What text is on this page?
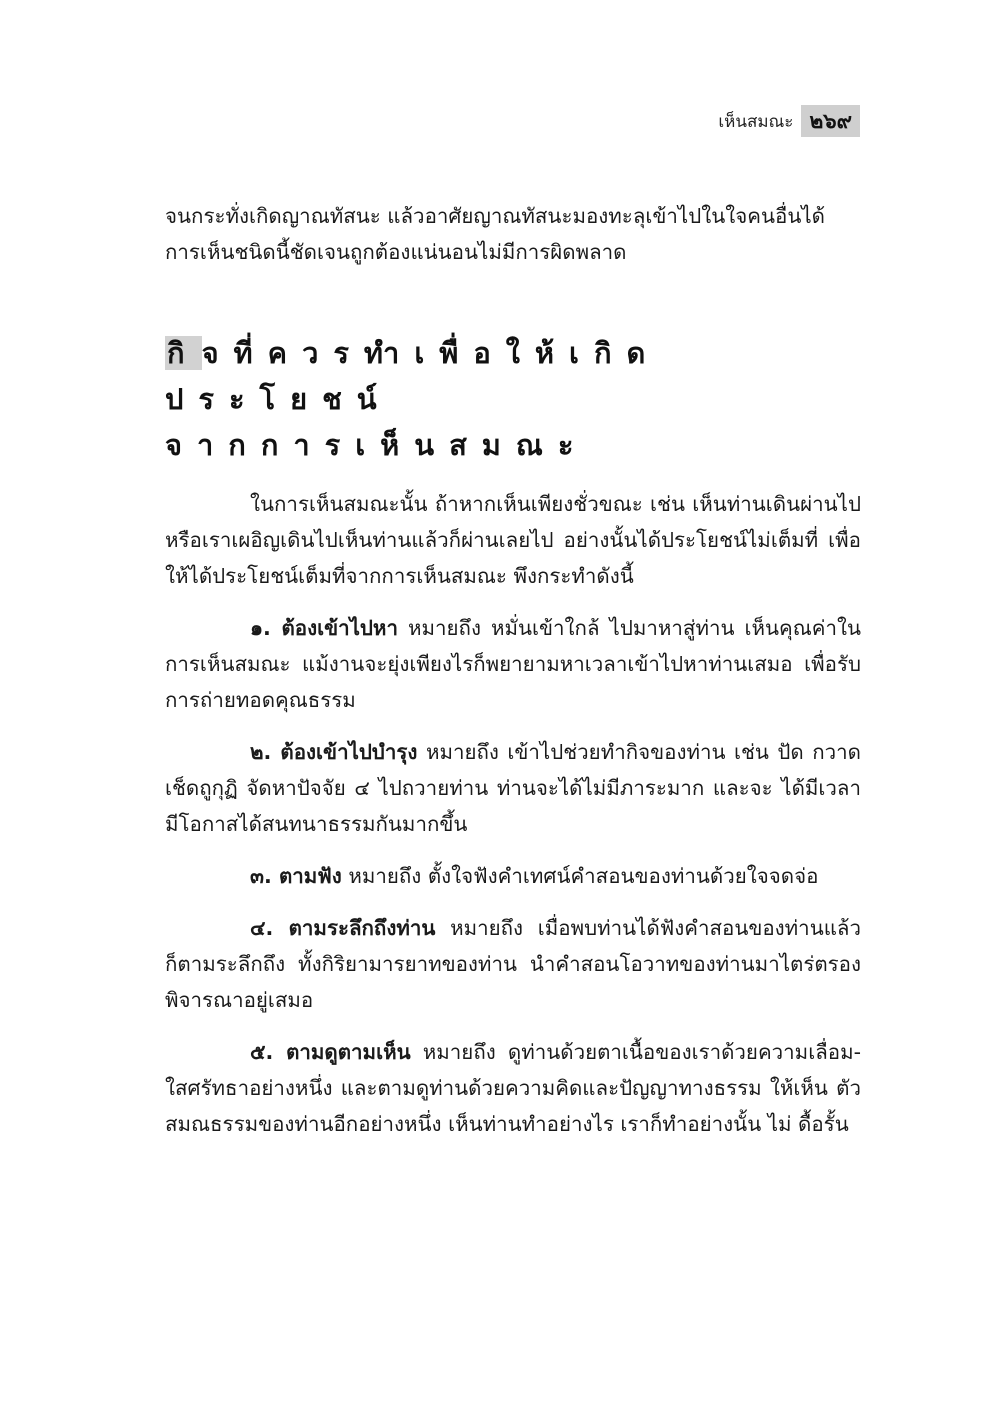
เห็นสมณะ ๒๖๙

จนกระทั่งเกิดญาณทัสนะ แล้วอาศัยญาณทัสนะมองทะลุเข้าไปในใจคนอื่นได้
การเห็นชนิดนี้ชัดเจนถูกต้องแน่นอนไม่มีการผิดพลาด

กิจที่ควรทำเพื่อให้เกิดประโยชน์
จากการเห็นสมณะ

ในการเห็นสมณะนั้น ถ้าหากเห็นเพียงชั่วขณะ เช่น เห็นท่านเดินผ่านไป หรือเราเผอิญเดินไปเห็นท่านแล้วก็ผ่านเลยไป อย่างนั้นได้ประโยชน์ไม่เต็มที่ เพื่อให้ได้ประโยชน์เต็มที่จากการเห็นสมณะ พึงกระทำดังนี้

๑. ต้องเข้าไปหา หมายถึง หมั่นเข้าใกล้ ไปมาหาสู่ท่าน เห็นคุณค่าในการเห็นสมณะ แม้งานจะยุ่งเพียงไรก็พยายามหาเวลาเข้าไปหาท่านเสมอ เพื่อรับการถ่ายทอดคุณธรรม

๒. ต้องเข้าไปบำรุง หมายถึง เข้าไปช่วยทำกิจของท่าน เช่น ปัด กวาดเช็ดถูกุฏิ จัดหาปัจจัย ๔ ไปถวายท่าน ท่านจะได้ไม่มีภาระมาก และจะ ได้มีเวลามีโอกาสได้สนทนาธรรมกันมากขึ้น

๓. ตามฟัง หมายถึง ตั้งใจฟังคำเทศน์คำสอนของท่านด้วยใจจดจ่อ

๔. ตามระลึกถึงท่าน หมายถึง เมื่อพบท่านได้ฟังคำสอนของท่านแล้ว ก็ตามระลึกถึง ทั้งกิริยามารยาทของท่าน นำคำสอนโอวาทของท่านมาไตร่ตรอง พิจารณาอยู่เสมอ

๕. ตามดูตามเห็น หมายถึง ดูท่านด้วยตาเนื้อของเราด้วยความเลื่อม- ใสศรัทธาอย่างหนึ่ง และตามดูท่านด้วยความคิดและปัญญาทางธรรม ให้เห็น ตัวสมณธรรมของท่านอีกอย่างหนึ่ง เห็นท่านทำอย่างไร เราก็ทำอย่างนั้น ไม่ ดื้อรั้น
